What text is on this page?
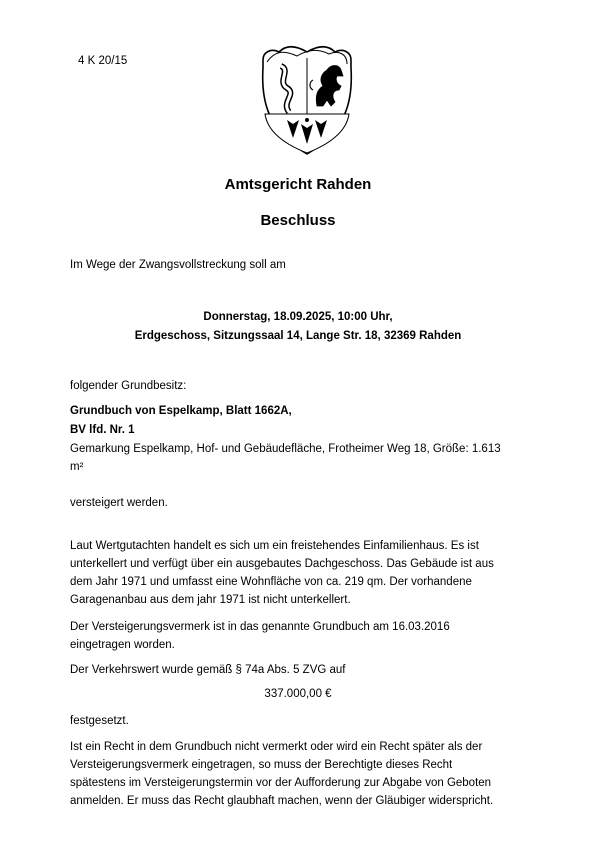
4 K 20/15
Amtsgericht Rahden
Beschluss
Im Wege der Zwangsvollstreckung soll am
Donnerstag, 18.09.2025, 10:00 Uhr,
Erdgeschoss, Sitzungssaal 14, Lange Str. 18, 32369 Rahden
folgender Grundbesitz:
Grundbuch von Espelkamp, Blatt 1662A,
BV lfd. Nr. 1
Gemarkung Espelkamp, Hof- und Gebäudefläche, Frotheimer Weg 18, Größe: 1.613
m²
versteigert werden.
Laut Wertgutachten handelt es sich um ein freistehendes Einfamilienhaus. Es ist
unterkellert und verfügt über ein ausgebautes Dachgeschoss. Das Gebäude ist aus
dem Jahr 1971 und umfasst eine Wohnfläche von ca. 219 qm. Der vorhandene
Garagenanbau aus dem jahr 1971 ist nicht unterkellert.
Der Versteigerungsvermerk ist in das genannte Grundbuch am 16.03.2016
eingetragen worden.
Der Verkehrswert wurde gemäß § 74a Abs. 5 ZVG auf
337.000,00 €
festgesetzt.
Ist ein Recht in dem Grundbuch nicht vermerkt oder wird ein Recht später als der
Versteigerungsvermerk eingetragen, so muss der Berechtigte dieses Recht
spätestens im Versteigerungstermin vor der Aufforderung zur Abgabe von Geboten
anmelden. Er muss das Recht glaubhaft machen, wenn der Gläubiger widerspricht.
